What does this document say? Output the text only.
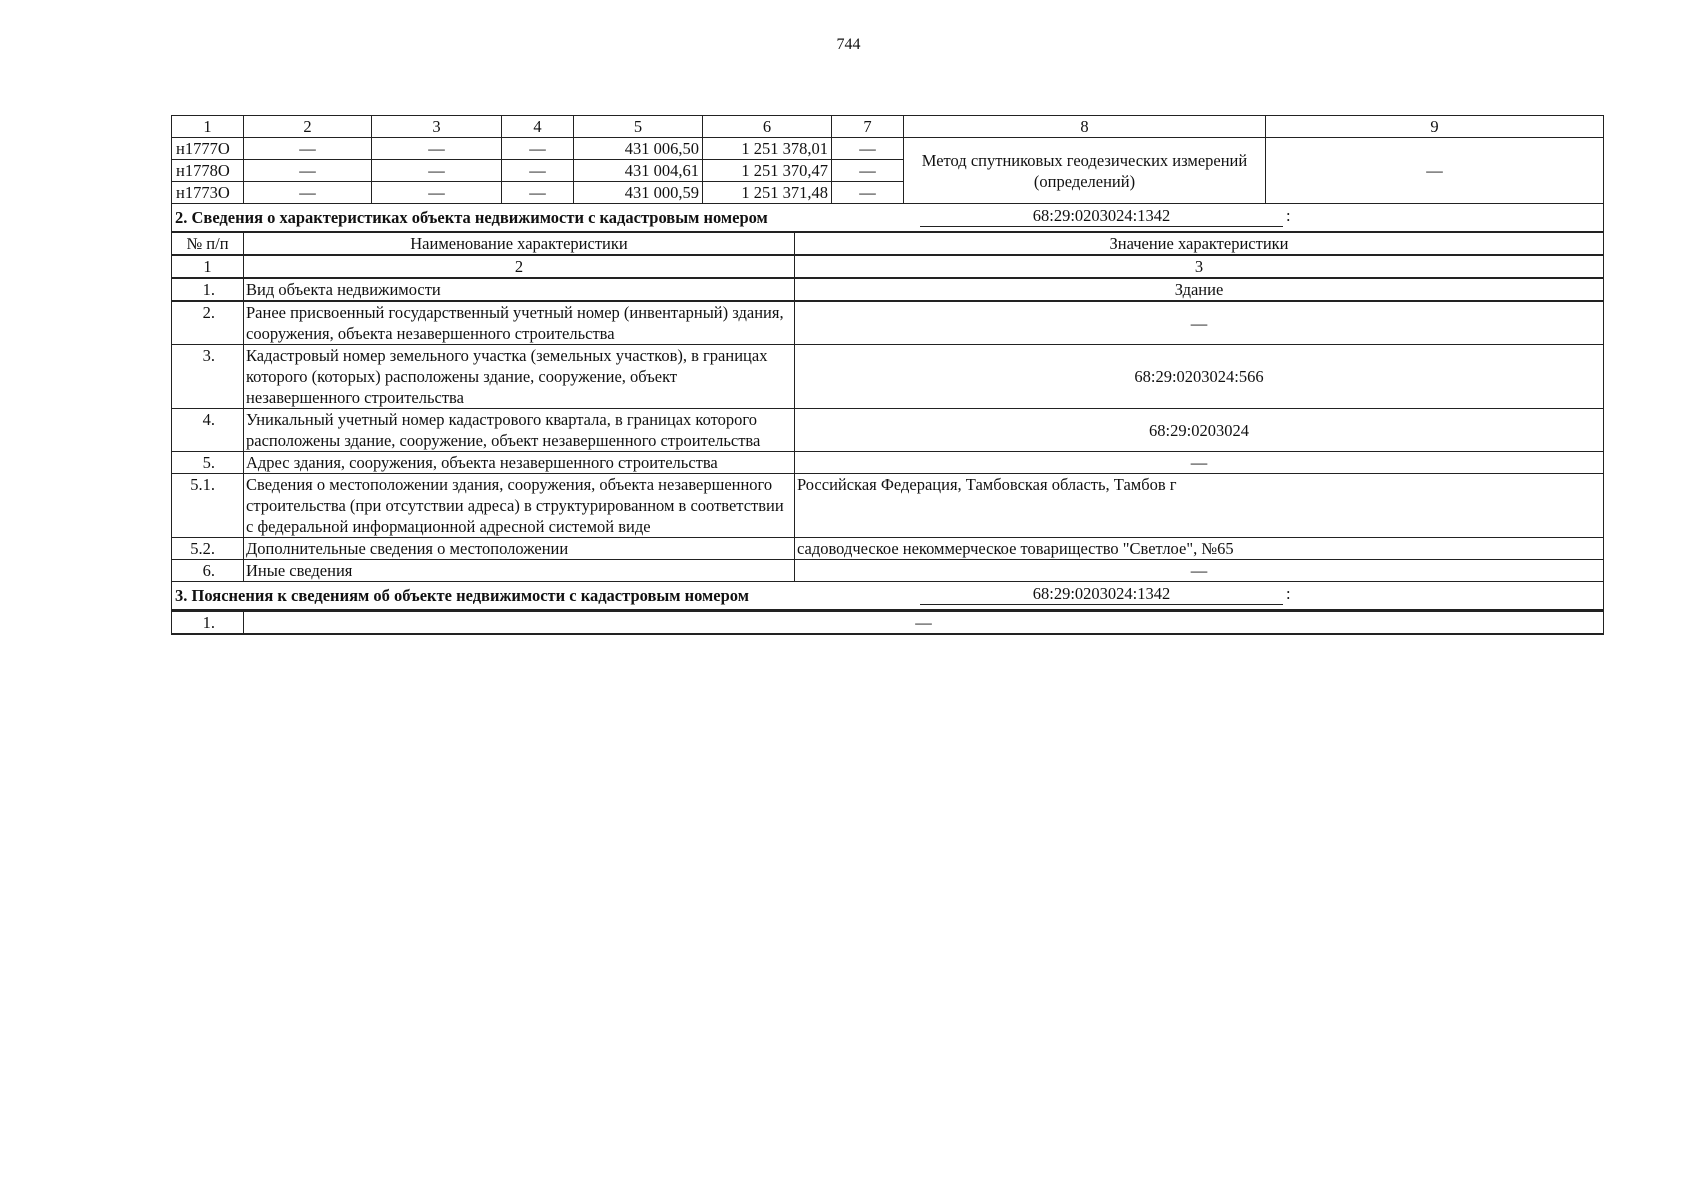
744
1	2	3	4	5	6	7	8	9
н1777О	—	—	—	431 006,50	1 251 378,01	—	Метод спутниковых геодезических измерений (определений)	—
н1778О	—	—	—	431 004,61	1 251 370,47	—		
н1773О	—	—	—	431 000,59	1 251 371,48	—		
2. Сведения о характеристиках объекта недвижимости с кадастровым номером	68:29:0203024:1342	:
№ п/п	Наименование характеристики	Значение характеристики
1	2	3
1.	Вид объекта недвижимости	Здание
2.	Ранее присвоенный государственный учетный номер (инвентарный) здания, сооружения, объекта незавершенного строительства	—
3.	Кадастровый номер земельного участка (земельных участков), в границах которого (которых) расположены здание, сооружение, объект незавершенного строительства	68:29:0203024:566
4.	Уникальный учетный номер кадастрового квартала, в границах которого расположены здание, сооружение, объект незавершенного строительства	68:29:0203024
5.	Адрес здания, сооружения, объекта незавершенного строительства	—
5.1.	Сведения о местоположении здания, сооружения, объекта незавершенного строительства (при отсутствии адреса) в структурированном в соответствии с федеральной информационной адресной системой виде	Российская Федерация, Тамбовская область, Тамбов г
5.2.	Дополнительные сведения о местоположении	садоводческое некоммерческое товарищество "Светлое", №65
6.	Иные сведения	—
3. Пояснения к сведениям об объекте недвижимости с кадастровым номером	68:29:0203024:1342	:
1.	—
